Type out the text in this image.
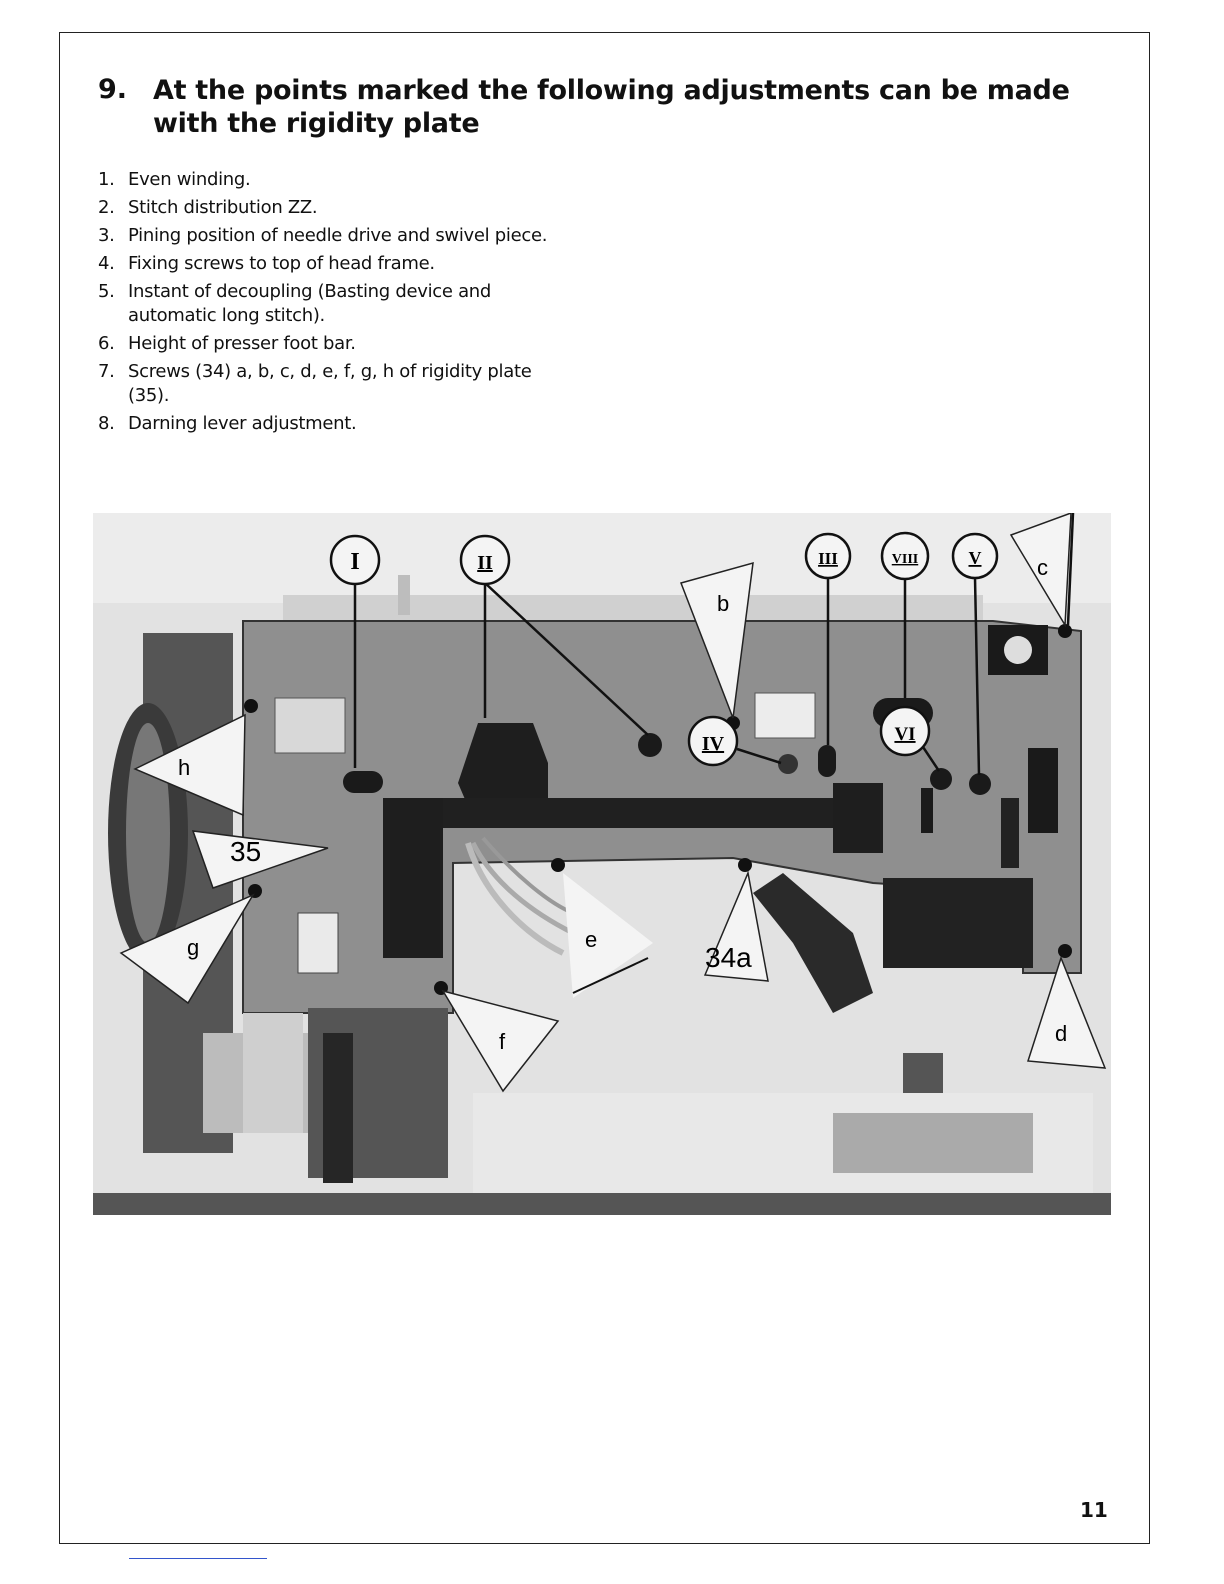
9. At the points marked the following adjustments can be made with the rigidity plate
1. Even winding.
2. Stitch distribution ZZ.
3. Pining position of needle drive and swivel piece.
4. Fixing screws to top of head frame.
5. Instant of decoupling (Basting device and automatic long stitch).
6. Height of presser foot bar.
7. Screws (34) a, b, c, d, e, f, g, h of rigidity plate (35).
8. Darning lever adjustment.
I	II	III	VIII	V
IV	VI
b
c
h
35
g	e
34a
f	d
11
